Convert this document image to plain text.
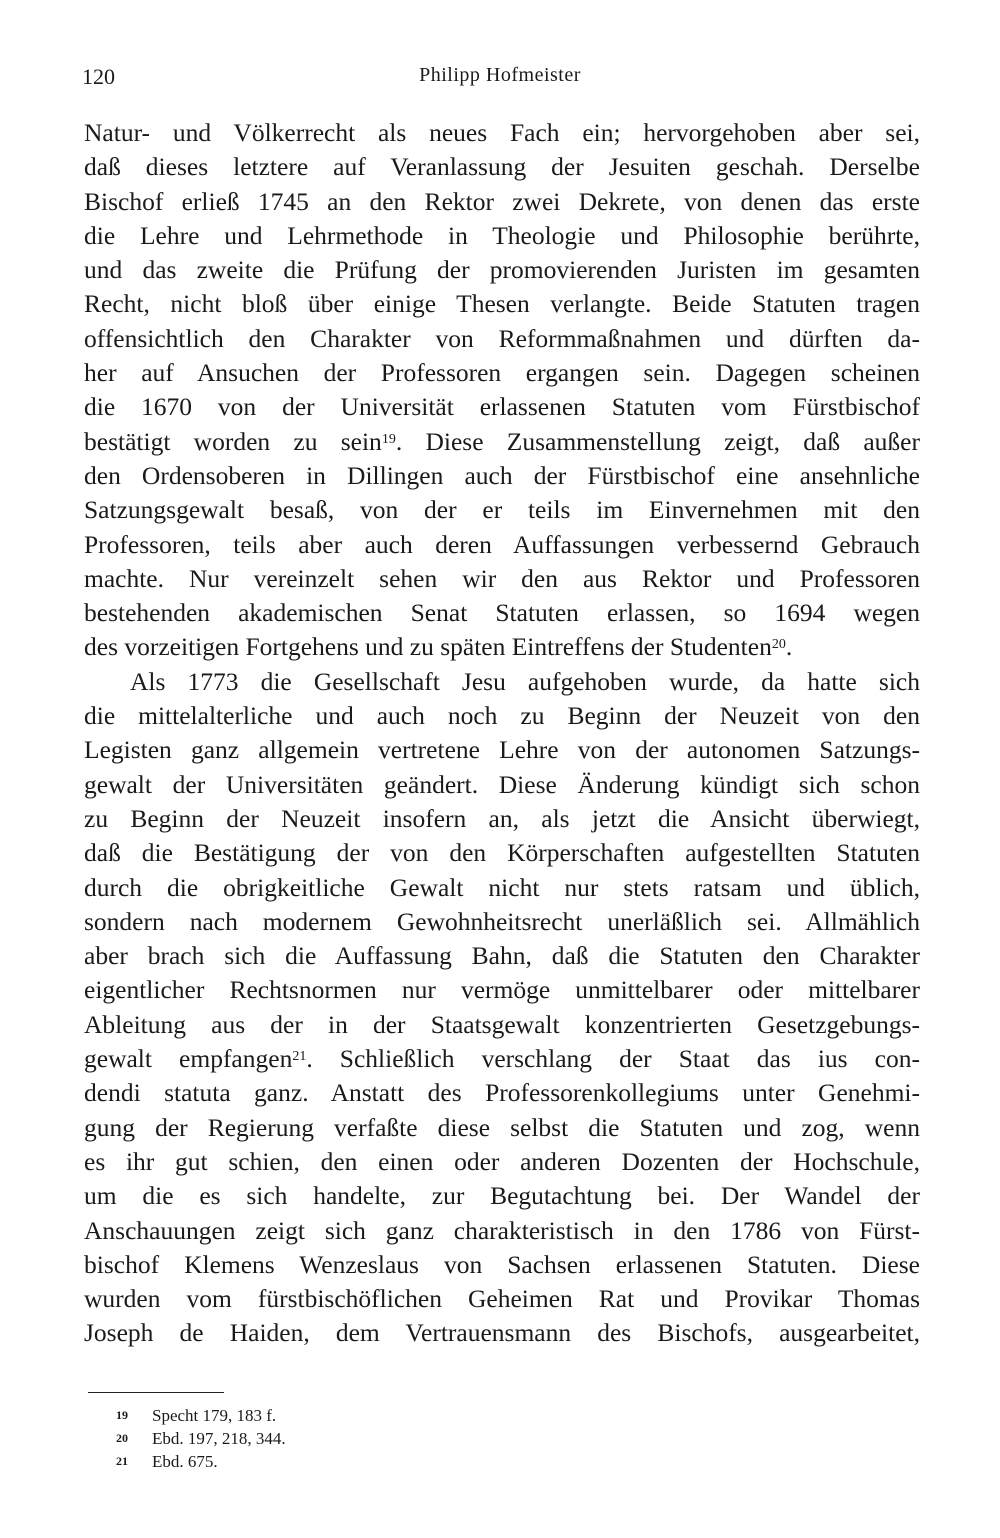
120	Philipp Hofmeister
Natur- und Völkerrecht als neues Fach ein; hervorgehoben aber sei,
daß dieses letztere auf Veranlassung der Jesuiten geschah. Derselbe
Bischof erließ 1745 an den Rektor zwei Dekrete, von denen das erste
die Lehre und Lehrmethode in Theologie und Philosophie berührte,
und das zweite die Prüfung der promovierenden Juristen im gesamten
Recht, nicht bloß über einige Thesen verlangte. Beide Statuten tragen
offensichtlich den Charakter von Reformmaßnahmen und dürften da-
her auf Ansuchen der Professoren ergangen sein. Dagegen scheinen
die 1670 von der Universität erlassenen Statuten vom Fürstbischof
bestätigt worden zu sein$^{19}$. Diese Zusammenstellung zeigt, daß außer
den Ordensoberen in Dillingen auch der Fürstbischof eine ansehnliche
Satzungsgewalt besaß, von der er teils im Einvernehmen mit den
Professoren, teils aber auch deren Auffassungen verbessernd Gebrauch
machte. Nur vereinzelt sehen wir den aus Rektor und Professoren
bestehenden akademischen Senat Statuten erlassen, so 1694 wegen
des vorzeitigen Fortgehens und zu späten Eintreffens der Studenten$^{20}$.
Als 1773 die Gesellschaft Jesu aufgehoben wurde, da hatte sich
die mittelalterliche und auch noch zu Beginn der Neuzeit von den
Legisten ganz allgemein vertretene Lehre von der autonomen Satzungs-
gewalt der Universitäten geändert. Diese Änderung kündigt sich schon
zu Beginn der Neuzeit insofern an, als jetzt die Ansicht überwiegt,
daß die Bestätigung der von den Körperschaften aufgestellten Statuten
durch die obrigkeitliche Gewalt nicht nur stets ratsam und üblich,
sondern nach modernem Gewohnheitsrecht unerläßlich sei. Allmählich
aber brach sich die Auffassung Bahn, daß die Statuten den Charakter
eigentlicher Rechtsnormen nur vermöge unmittelbarer oder mittelbarer
Ableitung aus der in der Staatsgewalt konzentrierten Gesetzgebungs-
gewalt empfangen$^{21}$. Schließlich verschlang der Staat das ius con-
dendi statuta ganz. Anstatt des Professorenkollegiums unter Genehmi-
gung der Regierung verfaßte diese selbst die Statuten und zog, wenn
es ihr gut schien, den einen oder anderen Dozenten der Hochschule,
um die es sich handelte, zur Begutachtung bei. Der Wandel der
Anschauungen zeigt sich ganz charakteristisch in den 1786 von Fürst-
bischof Klemens Wenzeslaus von Sachsen erlassenen Statuten. Diese
wurden vom fürstbischöflichen Geheimen Rat und Provikar Thomas
Joseph de Haiden, dem Vertrauensmann des Bischofs, ausgearbeitet,
19 Specht 179, 183 f.
20 Ebd. 197, 218, 344.
21 Ebd. 675.
